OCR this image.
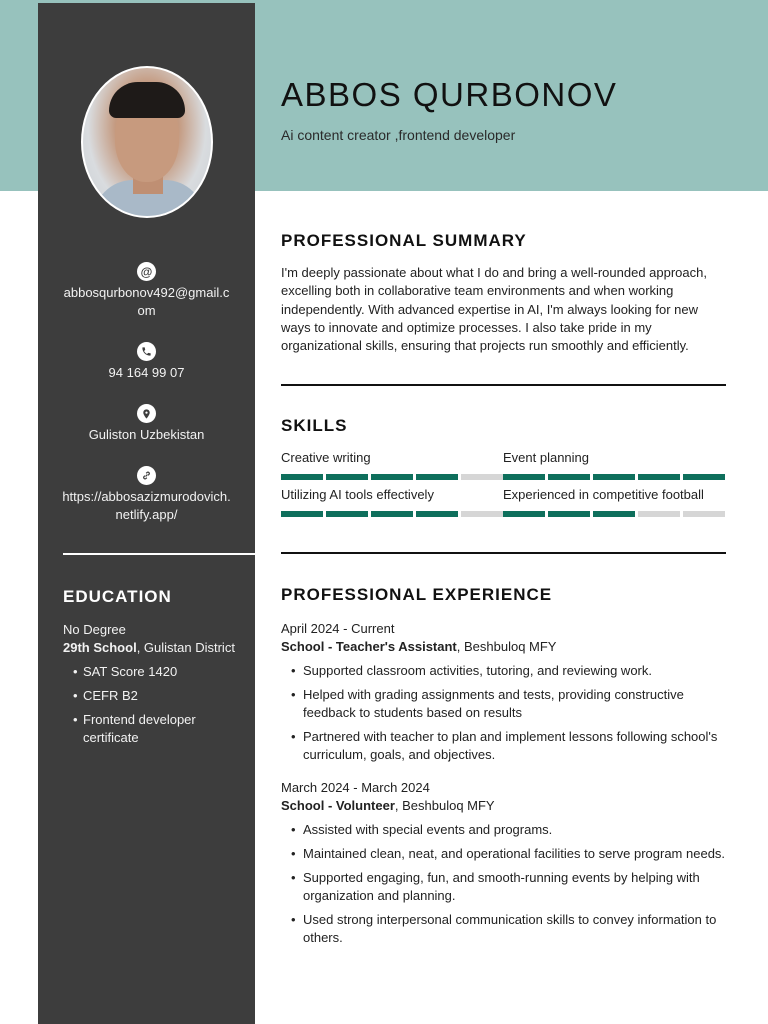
@
abbosqurbonov492@gmail.com
94 164 99 07
Guliston Uzbekistan
https://abbosazizmurodovich.netlify.app/
EDUCATION
No Degree
29th School, Gulistan District
• SAT Score 1420
• CEFR B2
• Frontend developer certificate
ABBOS QURBONOV
Ai content creator ,frontend developer
PROFESSIONAL SUMMARY
I'm deeply passionate about what I do and bring a well-rounded approach, excelling both in collaborative team environments and when working independently. With advanced expertise in AI, I'm always looking for new ways to innovate and optimize processes. I also take pride in my organizational skills, ensuring that projects run smoothly and efficiently.
SKILLS
Creative writing	Event planning
Utilizing AI tools effectively	Experienced in competitive football
PROFESSIONAL EXPERIENCE
April 2024 - Current
School - Teacher's Assistant, Beshbuloq MFY
• Supported classroom activities, tutoring, and reviewing work.
• Helped with grading assignments and tests, providing constructive feedback to students based on results
• Partnered with teacher to plan and implement lessons following school's curriculum, goals, and objectives.
March 2024 - March 2024
School - Volunteer, Beshbuloq MFY
• Assisted with special events and programs.
• Maintained clean, neat, and operational facilities to serve program needs.
• Supported engaging, fun, and smooth-running events by helping with organization and planning.
• Used strong interpersonal communication skills to convey information to others.
